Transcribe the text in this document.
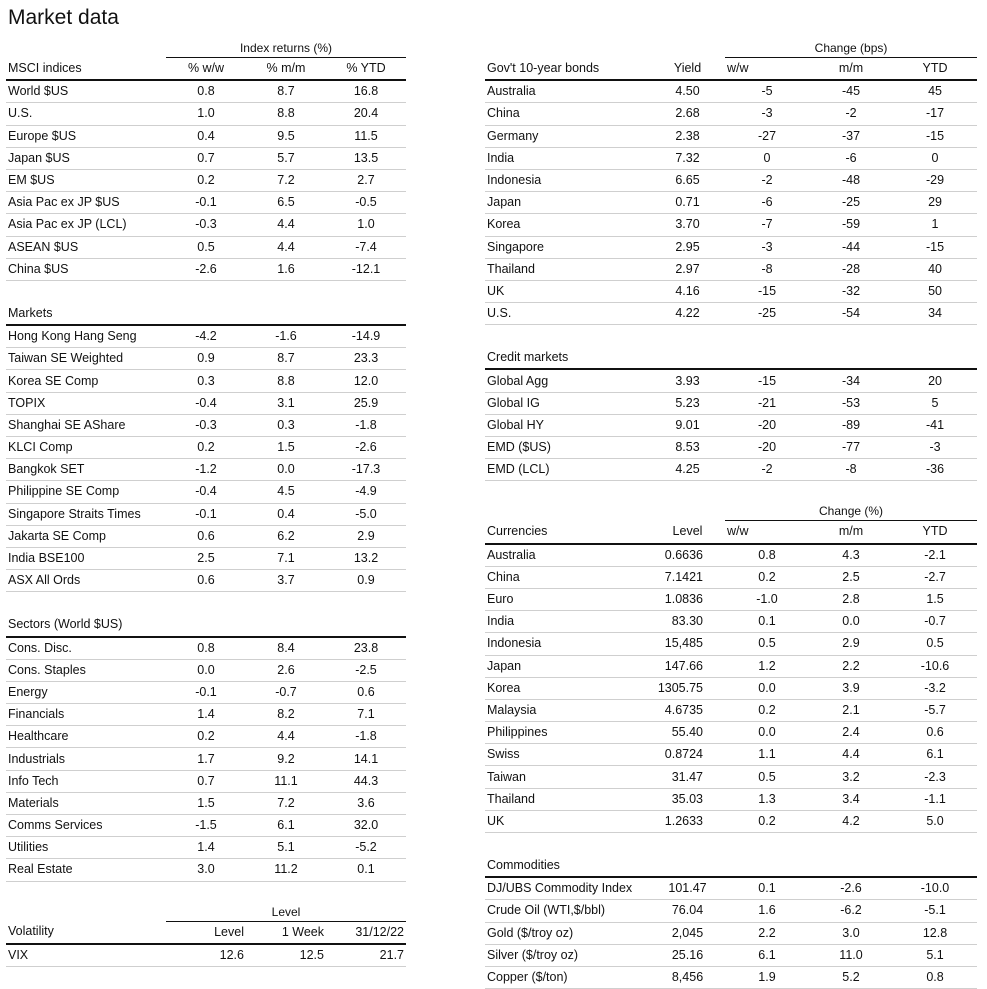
Market data
	Index returns (%)		
MSCI indices	% w/w	% m/m	% YTD
World $US	0.8	8.7	16.8
U.S.	1.0	8.8	20.4
Europe $US	0.4	9.5	11.5
Japan $US	0.7	5.7	13.5
EM $US	0.2	7.2	2.7
Asia Pac ex JP $US	-0.1	6.5	-0.5
Asia Pac ex JP (LCL)	-0.3	4.4	1.0
ASEAN $US	0.5	4.4	-7.4
China $US	-2.6	1.6	-12.1

Markets			
Hong Kong Hang Seng	-4.2	-1.6	-14.9
Taiwan SE Weighted	0.9	8.7	23.3
Korea SE Comp	0.3	8.8	12.0
TOPIX	-0.4	3.1	25.9
Shanghai SE AShare	-0.3	0.3	-1.8
KLCI Comp	0.2	1.5	-2.6
Bangkok SET	-1.2	0.0	-17.3
Philippine SE Comp	-0.4	4.5	-4.9
Singapore Straits Times	-0.1	0.4	-5.0
Jakarta SE Comp	0.6	6.2	2.9
India BSE100	2.5	7.1	13.2
ASX All Ords	0.6	3.7	0.9

Sectors (World $US)			
Cons. Disc.	0.8	8.4	23.8
Cons. Staples	0.0	2.6	-2.5
Energy	-0.1	-0.7	0.6
Financials	1.4	8.2	7.1
Healthcare	0.2	4.4	-1.8
Industrials	1.7	9.2	14.1
Info Tech	0.7	11.1	44.3
Materials	1.5	7.2	3.6
Comms Services	-1.5	6.1	32.0
Utilities	1.4	5.1	-5.2
Real Estate	3.0	11.2	0.1

	Level		
Volatility	Level	1 Week	31/12/22
VIX	12.6	12.5	21.7
		Change (bps)		
Gov't 10-year bonds	Yield	w/w	m/m	YTD
Australia	4.50	-5	-45	45
China	2.68	-3	-2	-17
Germany	2.38	-27	-37	-15
India	7.32	0	-6	0
Indonesia	6.65	-2	-48	-29
Japan	0.71	-6	-25	29
Korea	3.70	-7	-59	1
Singapore	2.95	-3	-44	-15
Thailand	2.97	-8	-28	40
UK	4.16	-15	-32	50
U.S.	4.22	-25	-54	34

Credit markets				
Global Agg	3.93	-15	-34	20
Global IG	5.23	-21	-53	5
Global HY	9.01	-20	-89	-41
EMD ($US)	8.53	-20	-77	-3
EMD (LCL)	4.25	-2	-8	-36

		Change (%)		
Currencies	Level	w/w	m/m	YTD
Australia	0.6636	0.8	4.3	-2.1
China	7.1421	0.2	2.5	-2.7
Euro	1.0836	-1.0	2.8	1.5
India	83.30	0.1	0.0	-0.7
Indonesia	15,485	0.5	2.9	0.5
Japan	147.66	1.2	2.2	-10.6
Korea	1305.75	0.0	3.9	-3.2
Malaysia	4.6735	0.2	2.1	-5.7
Philippines	55.40	0.0	2.4	0.6
Swiss	0.8724	1.1	4.4	6.1
Taiwan	31.47	0.5	3.2	-2.3
Thailand	35.03	1.3	3.4	-1.1
UK	1.2633	0.2	4.2	5.0

Commodities				
DJ/UBS Commodity Index	101.47	0.1	-2.6	-10.0
Crude Oil (WTI,$/bbl)	76.04	1.6	-6.2	-5.1
Gold ($/troy oz)	2,045	2.2	3.0	12.8
Silver ($/troy oz)	25.16	6.1	11.0	5.1
Copper ($/ton)	8,456	1.9	5.2	0.8
